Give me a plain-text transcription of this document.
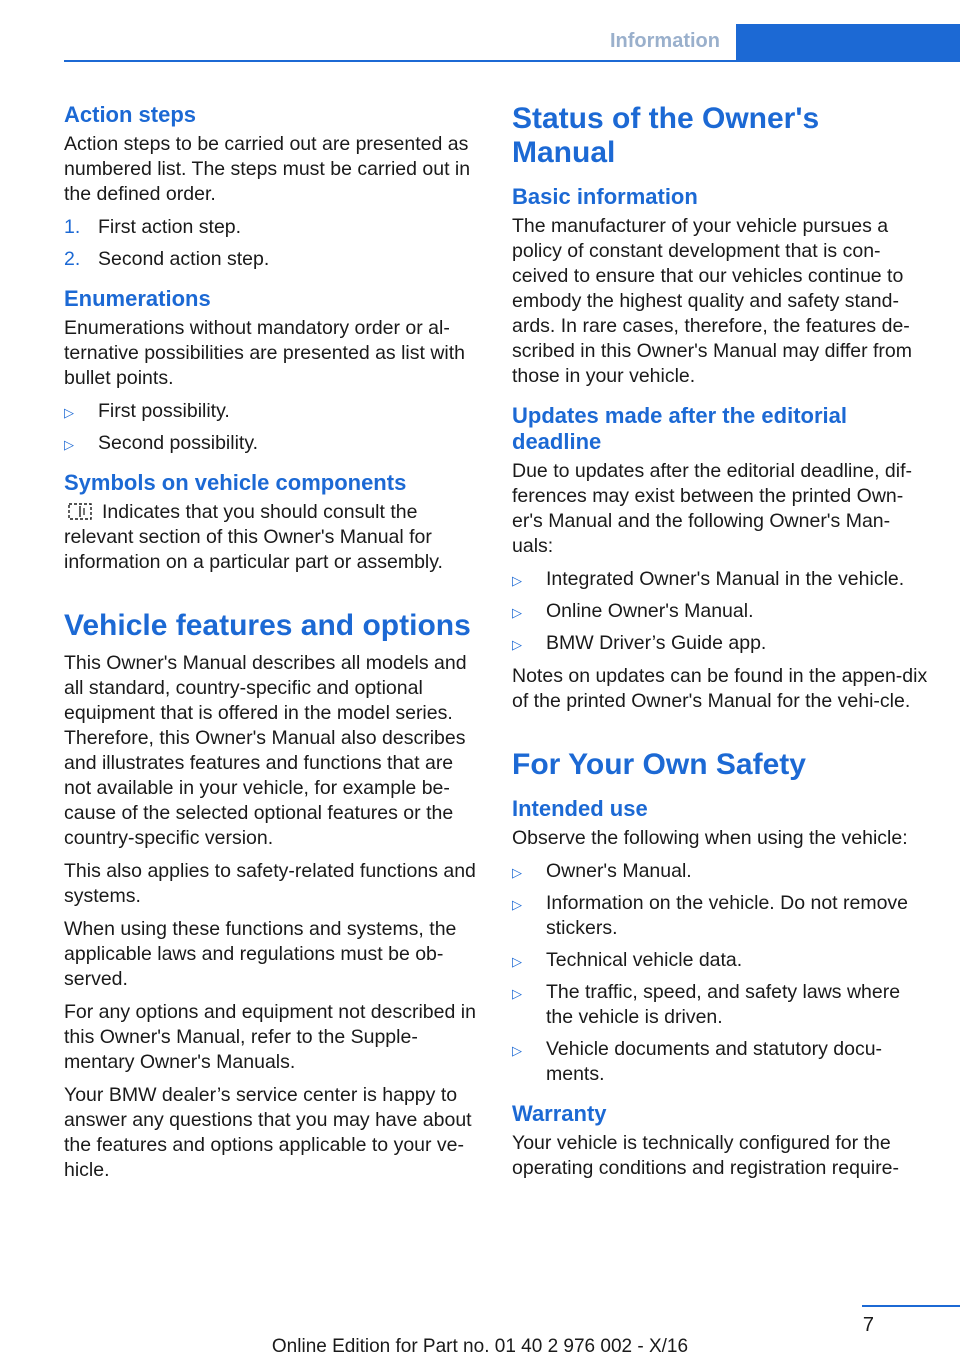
Information
Action steps
Action steps to be carried out are presented as numbered list. The steps must be carried out in the defined order.
1. First action step.
2. Second action step.
Enumerations
Enumerations without mandatory order or al‐ternative possibilities are presented as list with bullet points.
▷ First possibility.
▷ Second possibility.
Symbols on vehicle components
Indicates that you should consult the relevant section of this Owner's Manual for information on a particular part or assembly.
Vehicle features and options
This Owner's Manual describes all models and all standard, country-specific and optional equipment that is offered in the model series. Therefore, this Owner's Manual also describes and illustrates features and functions that are not available in your vehicle, for example be‐cause of the selected optional features or the country-specific version.
This also applies to safety-related functions and systems.
When using these functions and systems, the applicable laws and regulations must be ob‐served.
For any options and equipment not described in this Owner's Manual, refer to the Supple‐mentary Owner's Manuals.
Your BMW dealer’s service center is happy to answer any questions that you may have about the features and options applicable to your ve‐hicle.
Status of the Owner's Manual
Basic information
The manufacturer of your vehicle pursues a policy of constant development that is con‐ceived to ensure that our vehicles continue to embody the highest quality and safety stand‐ards. In rare cases, therefore, the features de‐scribed in this Owner's Manual may differ from those in your vehicle.
Updates made after the editorial deadline
Due to updates after the editorial deadline, dif‐ferences may exist between the printed Own‐er's Manual and the following Owner's Man‐uals:
▷ Integrated Owner's Manual in the vehicle.
▷ Online Owner's Manual.
▷ BMW Driver’s Guide app.
Notes on updates can be found in the appen‐dix of the printed Owner's Manual for the vehi‐cle.
For Your Own Safety
Intended use
Observe the following when using the vehicle:
▷ Owner's Manual.
▷ Information on the vehicle. Do not remove stickers.
▷ Technical vehicle data.
▷ The traffic, speed, and safety laws where the vehicle is driven.
▷ Vehicle documents and statutory docu‐ments.
Warranty
Your vehicle is technically configured for the operating conditions and registration require‐
7
Online Edition for Part no. 01 40 2 976 002 - X/16
